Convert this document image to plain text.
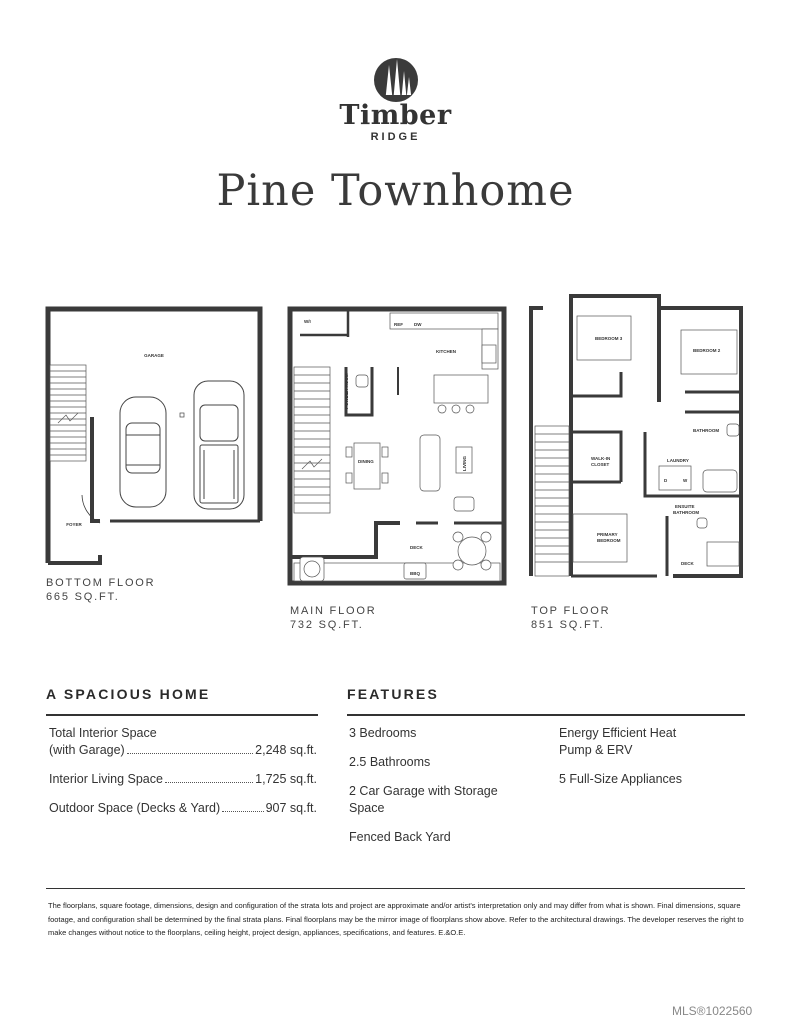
Timber
RIDGE
Pine Townhome
GARAGE
FOYER
W/I
REF DW
KITCHEN
POWDER ROOM
DINING	LIVING
DECK
BBQ
BEDROOM 3
BEDROOM 2
BATHROOM
WALK-IN
CLOSET
LAUNDRY
D	W
ENSUITE
BATHROOM
PRIMARY
BEDROOM
DECK
BOTTOM FLOOR
665 SQ.FT.
MAIN FLOOR
732 SQ.FT.
TOP FLOOR
851 SQ.FT.
A SPACIOUS HOME
Total Interior Space
(with Garage)	2,248 sq.ft.
Interior Living Space	1,725 sq.ft.
Outdoor Space (Decks & Yard)	907 sq.ft.
FEATURES
3 Bedrooms
2.5 Bathrooms
2 Car Garage with Storage Space
Fenced Back Yard
Energy Efficient Heat Pump & ERV
5 Full-Size Appliances
The floorplans, square footage, dimensions, design and configuration of the strata lots and project are approximate and/or artist's interpretation only and may differ from what is shown. Final dimensions, square footage, and configuration shall be determined by the final strata plans. Final floorplans may be the mirror image of floorplans show above. Refer to the architectural drawings. The developer reserves the right to make changes without notice to the floorplans, ceiling height, project design, appliances, specifications, and features. E.&O.E.
MLS®1022560
